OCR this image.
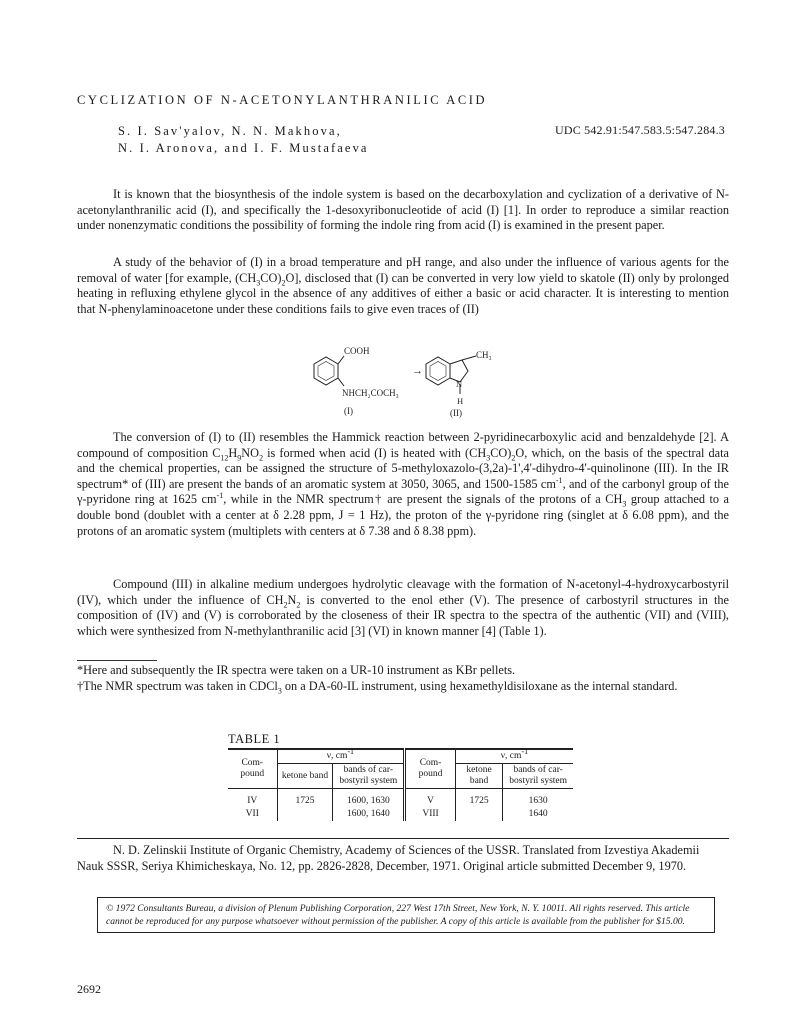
CYCLIZATION OF N-ACETONYLANTHRANILIC ACID
S. I. Sav'yalov, N. N. Makhova,
N. I. Aronova, and I. F. Mustafaeva
UDC 542.91:547.583.5:547.284.3

It is known that the biosynthesis of the indole system is based on the decarboxylation and cyclization of a derivative of N-acetonylanthranilic acid (I), and specifically the 1-desoxyribonucleotide of acid (I) [1]. In order to reproduce a similar reaction under nonenzymatic conditions the possibility of forming the indole ring from acid (I) is examined in the present paper.

A study of the behavior of (I) in a broad temperature and pH range, and also under the influence of various agents for the removal of water [for example, $(CH_3CO)_2O$], disclosed that (I) can be converted in very low yield to skatole (II) only by prolonged heating in refluxing ethylene glycol in the absence of any additives of either a basic or acid character. It is interesting to mention that N-phenylaminoacetone under these conditions fails to give even traces of (II)

COOH
NHCH₂COCH₃
(I)
→
CH₃
N
H
(II)

The conversion of (I) to (II) resembles the Hammick reaction between 2-pyridinecarboxylic acid and benzaldehyde [2]. A compound of composition $C_{12}H_9NO_2$ is formed when acid (I) is heated with $(CH_3CO)_2O$, which, on the basis of the spectral data and the chemical properties, can be assigned the structure of 5-methyloxazolo-(3,2a)-1',4'-dihydro-4'-quinolinone (III). In the IR spectrum* of (III) are present the bands of an aromatic system at 3050, 3065, and 1500-1585 $cm^{-1}$, and of the carbonyl group of the γ-pyridone ring at 1625 $cm^{-1}$, while in the NMR spectrum† are present the signals of the protons of a $CH_3$ group attached to a double bond (doublet with a center at δ 2.28 ppm, J = 1 Hz), the proton of the γ-pyridone ring (singlet at δ 6.08 ppm), and the protons of an aromatic system (multiplets with centers at δ 7.38 and δ 8.38 ppm).

Compound (III) in alkaline medium undergoes hydrolytic cleavage with the formation of N-acetonyl-4-hydroxycarbostyril (IV), which under the influence of $CH_2N_2$ is converted to the enol ether (V). The presence of carbostyril structures in the composition of (IV) and (V) is corroborated by the closeness of their IR spectra to the spectra of the authentic (VII) and (VIII), which were synthesized from N-methylanthranilic acid [3] (VI) in known manner [4] (Table 1).

*Here and subsequently the IR spectra were taken on a UR-10 instrument as KBr pellets.

†The NMR spectrum was taken in CDCl$_3$ on a DA-60-IL instrument, using hexamethyldisiloxane as the internal standard.

TABLE 1
Com- pound	ν, $cm^{-1}$		Com- pound	ν, $cm^{-1}$
	ketone band	bands of car- bostyril system		ketone band	bands of car- bostyril system

IV	1725	1600, 1630	V	1725	1630
VII		1600, 1640	VIII		1640

N. D. Zelinskii Institute of Organic Chemistry, Academy of Sciences of the USSR. Translated from Izvestiya Akademii Nauk SSSR, Seriya Khimicheskaya, No. 12, pp. 2826-2828, December, 1971. Original article submitted December 9, 1970.

© 1972 Consultants Bureau, a division of Plenum Publishing Corporation, 227 West 17th Street, New York, N. Y. 10011. All rights reserved. This article cannot be reproduced for any purpose whatsoever without permission of the publisher. A copy of this article is available from the publisher for $15.00.
2692
